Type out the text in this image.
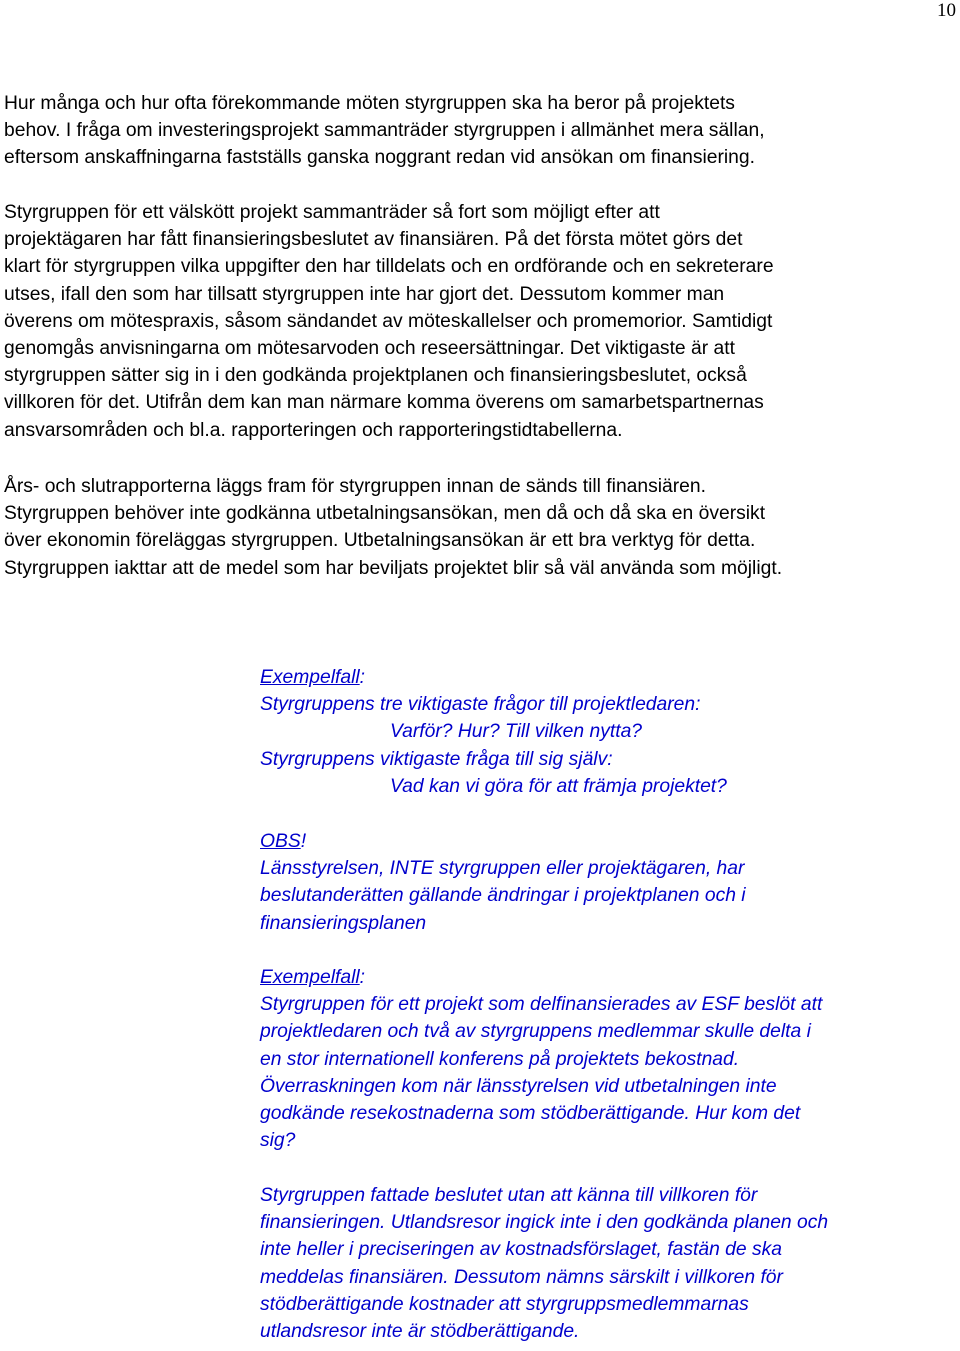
10

Hur många och hur ofta förekommande möten styrgruppen ska ha beror på projektets
behov. I fråga om investeringsprojekt sammanträder styrgruppen i allmänhet mera sällan,
eftersom anskaffningarna fastställs ganska noggrant redan vid ansökan om finansiering.

Styrgruppen för ett välskött projekt sammanträder så fort som möjligt efter att
projektägaren har fått finansieringsbeslutet av finansiären. På det första mötet görs det
klart för styrgruppen vilka uppgifter den har tilldelats och en ordförande och en sekreterare
utses, ifall den som har tillsatt styrgruppen inte har gjort det. Dessutom kommer man
överens om mötespraxis, såsom sändandet av möteskallelser och promemorior. Samtidigt
genomgås anvisningarna om mötesarvoden och reseersättningar. Det viktigaste är att
styrgruppen sätter sig in i den godkända projektplanen och finansieringsbeslutet, också
villkoren för det. Utifrån dem kan man närmare komma överens om samarbetspartnernas
ansvarsområden och bl.a. rapporteringen och rapporteringstidtabellerna.

Års- och slutrapporterna läggs fram för styrgruppen innan de sänds till finansiären.
Styrgruppen behöver inte godkänna utbetalningsansökan, men då och då ska en översikt
över ekonomin föreläggas styrgruppen. Utbetalningsansökan är ett bra verktyg för detta.
Styrgruppen iakttar att de medel som har beviljats projektet blir så väl använda som möjligt.

Exempelfall:
Styrgruppens tre viktigaste frågor till projektledaren:
Varför? Hur? Till vilken nytta?
Styrgruppens viktigaste fråga till sig själv:
Vad kan vi göra för att främja projektet?
OBS!
Länsstyrelsen, INTE styrgruppen eller projektägaren, har
beslutanderätten gällande ändringar i projektplanen och i
finansieringsplanen
Exempelfall:
Styrgruppen för ett projekt som delfinansierades av ESF beslöt att
projektledaren och två av styrgruppens medlemmar skulle delta i
en stor internationell konferens på projektets bekostnad.
Överraskningen kom när länsstyrelsen vid utbetalningen inte
godkände resekostnaderna som stödberättigande. Hur kom det
sig?
Styrgruppen fattade beslutet utan att känna till villkoren för
finansieringen. Utlandsresor ingick inte i den godkända planen och
inte heller i preciseringen av kostnadsförslaget, fastän de ska
meddelas finansiären. Dessutom nämns särskilt i villkoren för
stödberättigande kostnader att styrgruppsmedlemmarnas
utlandsresor inte är stödberättigande.
